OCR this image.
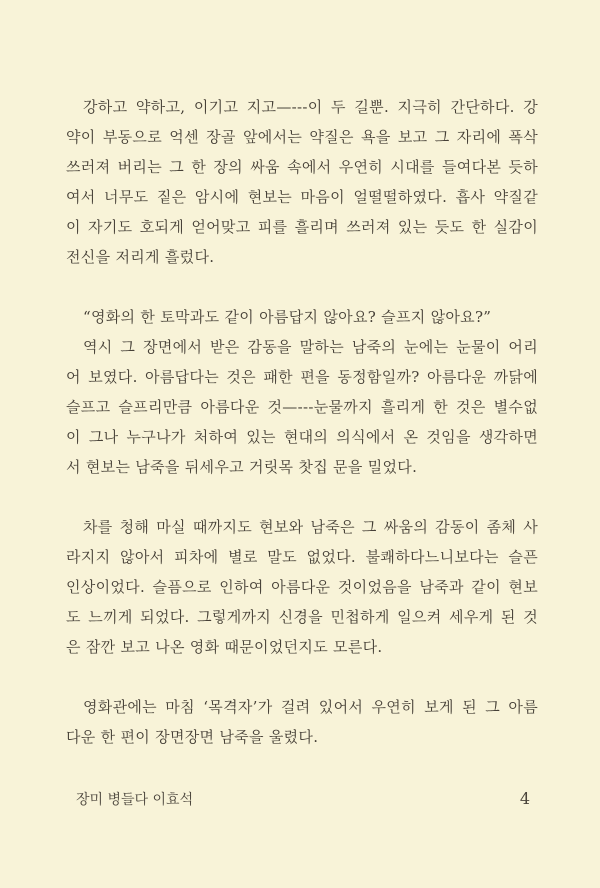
강하고 약하고, 이기고 지고—---이 두 길뿐. 지극히 간단하다. 강
약이 부동으로 억센 장골 앞에서는 약질은 욕을 보고 그 자리에 폭삭
쓰러져 버리는 그 한 장의 싸움 속에서 우연히 시대를 들여다본 듯하
여서 너무도 짙은 암시에 현보는 마음이 얼떨떨하였다. 흡사 약질같
이 자기도 호되게 얻어맞고 피를 흘리며 쓰러져 있는 듯도 한 실감이
전신을 저리게 흘렀다.
“영화의 한 토막과도 같이 아름답지 않아요? 슬프지 않아요?”
역시 그 장면에서 받은 감동을 말하는 남죽의 눈에는 눈물이 어리
어 보였다. 아름답다는 것은 패한 편을 동정함일까? 아름다운 까닭에
슬프고 슬프리만큼 아름다운 것—---눈물까지 흘리게 한 것은 별수없
이 그나 누구나가 처하여 있는 현대의 의식에서 온 것임을 생각하면
서 현보는 남죽을 뒤세우고 거릿목 찻집 문을 밀었다.
차를 청해 마실 때까지도 현보와 남죽은 그 싸움의 감동이 좀체 사
라지지 않아서 피차에 별로 말도 없었다. 불쾌하다느니보다는 슬픈
인상이었다. 슬픔으로 인하여 아름다운 것이었음을 남죽과 같이 현보
도 느끼게 되었다. 그렇게까지 신경을 민첩하게 일으켜 세우게 된 것
은 잠깐 보고 나온 영화 때문이었던지도 모른다.
영화관에는 마침 ‘목격자’가 걸려 있어서 우연히 보게 된 그 아름
다운 한 편이 장면장면 남죽을 울렸다.
장미 병들다 이효석	4
